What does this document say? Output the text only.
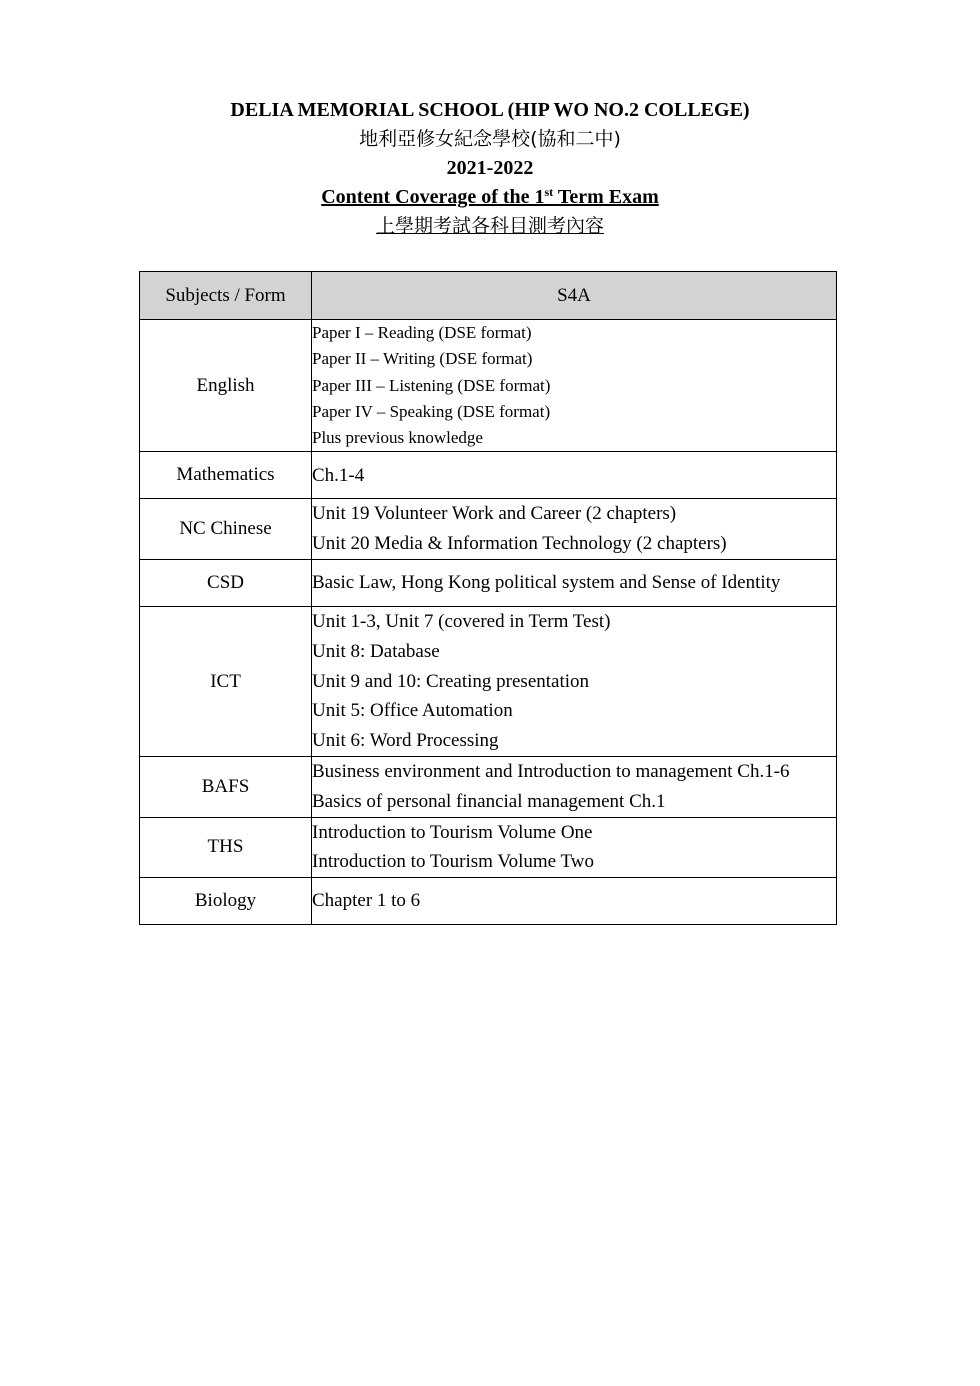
DELIA MEMORIAL SCHOOL (HIP WO NO.2 COLLEGE)
地利亞修女紀念學校(協和二中)
2021-2022
Content Coverage of the 1st Term Exam
上學期考試各科目測考內容
Subjects / Form	S4A
English	Paper I – Reading (DSE format)
Paper II – Writing (DSE format)
Paper III – Listening (DSE format)
Paper IV – Speaking (DSE format)
Plus previous knowledge

Mathematics	Ch.1-4

NC Chinese	Unit 19 Volunteer Work and Career (2 chapters)
Unit 20 Media & Information Technology (2 chapters)

CSD	Basic Law, Hong Kong political system and Sense of Identity

ICT	Unit 1-3, Unit 7 (covered in Term Test)
Unit 8: Database
Unit 9 and 10: Creating presentation
Unit 5: Office Automation
Unit 6: Word Processing

BAFS	Business environment and Introduction to management Ch.1-6
Basics of personal financial management Ch.1

THS	Introduction to Tourism Volume One
Introduction to Tourism Volume Two

Biology	Chapter 1 to 6
